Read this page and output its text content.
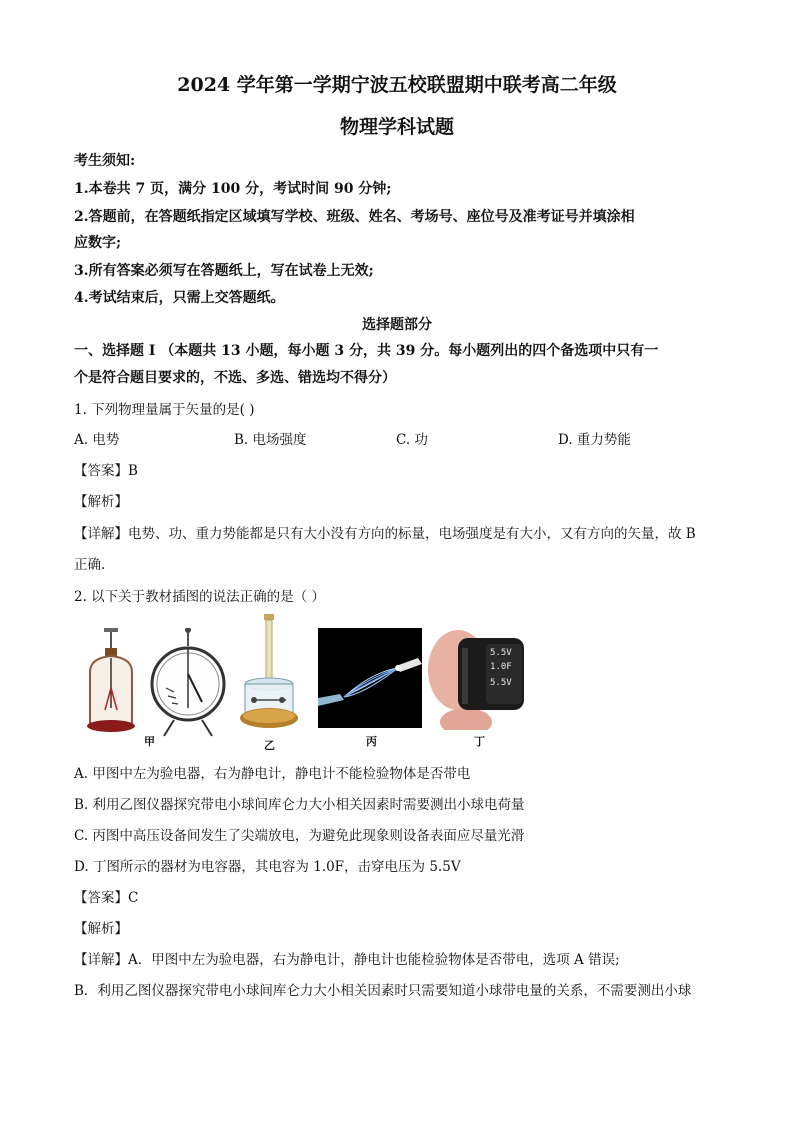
2024 学年第一学期宁波五校联盟期中联考高二年级
物理学科试题
考生须知:
1.本卷共 7 页，满分 100 分，考试时间 90 分钟;
2.答题前，在答题纸指定区域填写学校、班级、姓名、考场号、座位号及准考证号并填涂相
应数字;
3.所有答案必须写在答题纸上，写在试卷上无效;
4.考试结束后，只需上交答题纸。
选择题部分
一、选择题 I （本题共 13 小题，每小题 3 分，共 39 分。每小题列出的四个备选项中只有一
个是符合题目要求的，不选、多选、错选均不得分）
1. 下列物理量属于矢量的是( )
A. 电势	B. 电场强度	C. 功	D. 重力势能
【答案】B
【解析】
【详解】电势、功、重力势能都是只有大小没有方向的标量，电场强度是有大小，又有方向的矢量，故 B
正确.
2. 以下关于教材插图的说法正确的是（ ）
甲	乙	丙
5.5V
1.0F
5.5V
丁
A. 甲图中左为验电器，右为静电计，静电计不能检验物体是否带电
B. 利用乙图仪器探究带电小球间库仑力大小相关因素时需要测出小球电荷量
C. 丙图中高压设备间发生了尖端放电，为避免此现象则设备表面应尽量光滑
D. 丁图所示的器材为电容器，其电容为 1.0F，击穿电压为 5.5V
【答案】C
【解析】
【详解】A．甲图中左为验电器，右为静电计，静电计也能检验物体是否带电，选项 A 错误;
B．利用乙图仪器探究带电小球间库仑力大小相关因素时只需要知道小球带电量的关系，不需要测出小球
